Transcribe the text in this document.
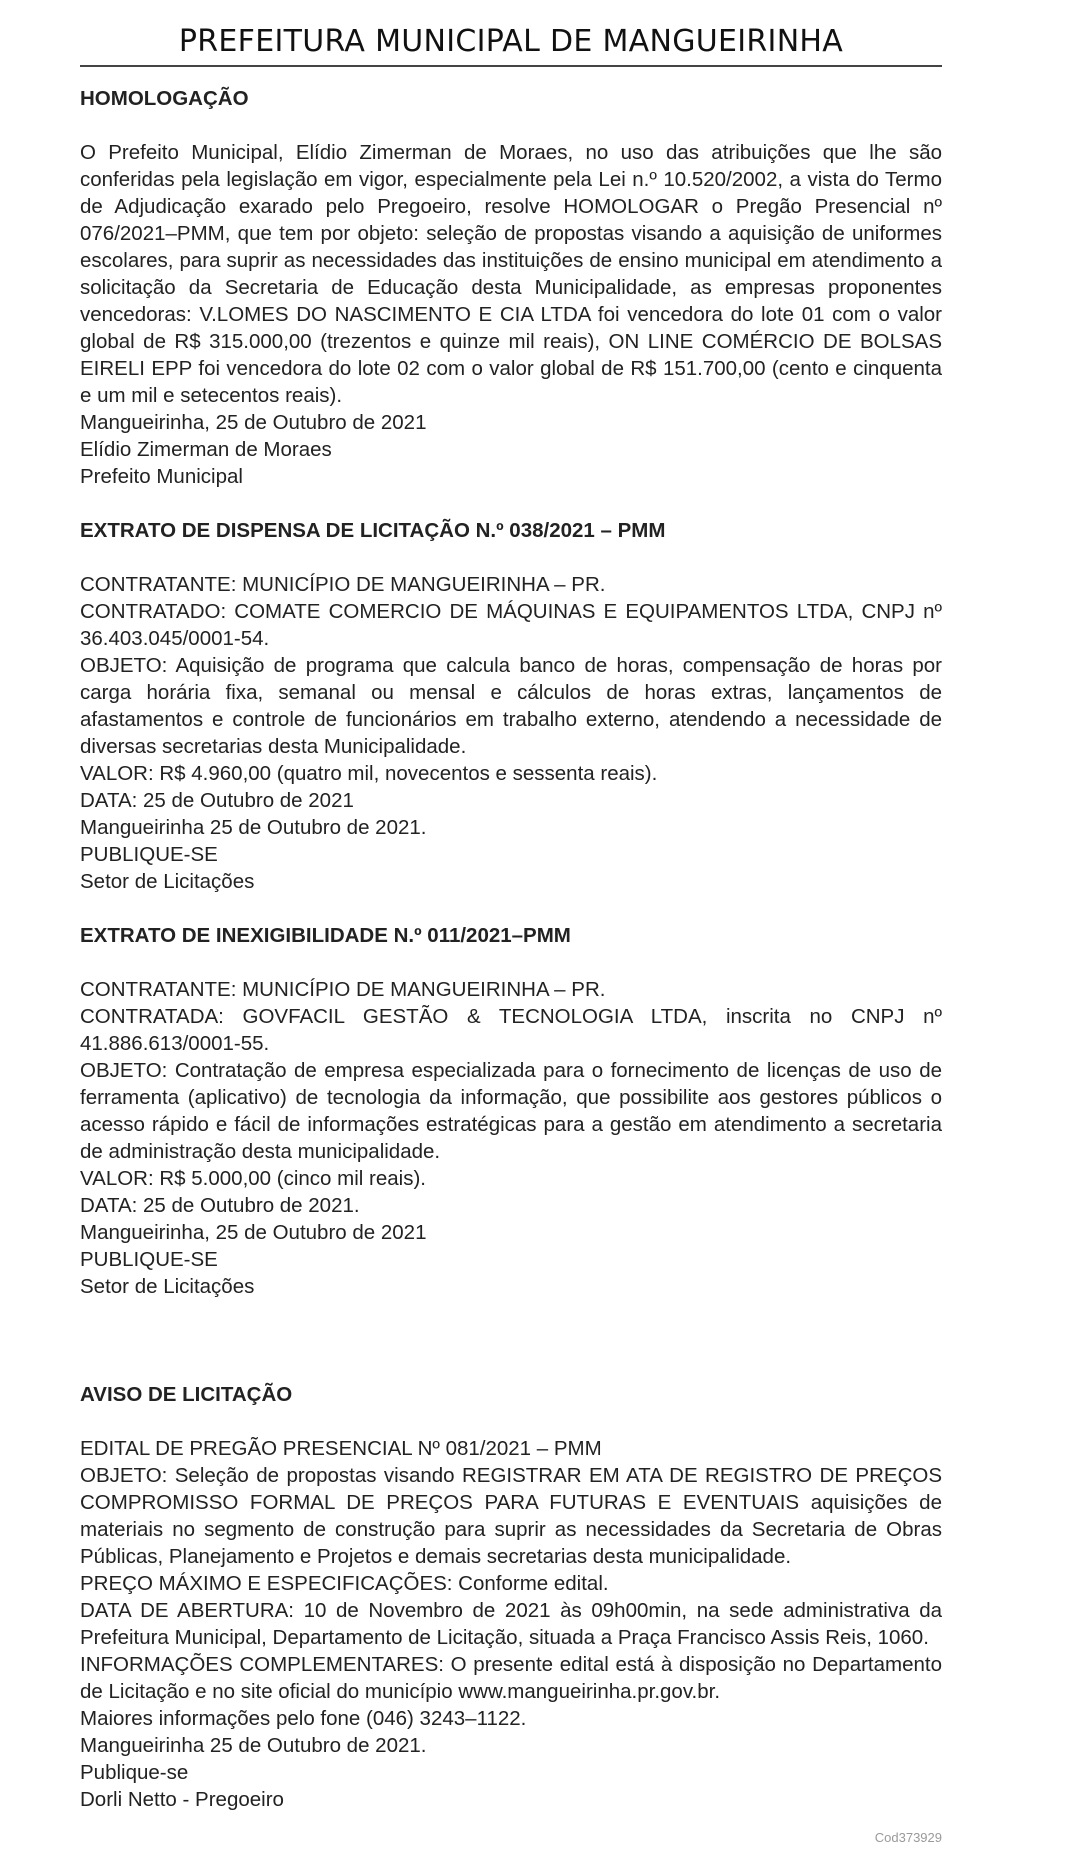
PREFEITURA MUNICIPAL DE MANGUEIRINHA

HOMOLOGAÇÃO

O Prefeito Municipal, Elídio Zimerman de Moraes, no uso das atribuições que lhe são conferidas pela legislação em vigor, especialmente pela Lei n.º 10.520/2002, a vista do Termo de Adjudicação exarado pelo Pregoeiro, resolve HOMOLOGAR o Pregão Presencial nº 076/2021–PMM, que tem por objeto: seleção de propostas visando a aquisição de uniformes escolares, para suprir as necessidades das instituições de ensino municipal em atendimento a solicitação da Secretaria de Educação desta Municipalidade, as empresas proponentes vencedoras: V.LOMES DO NASCIMENTO E CIA LTDA foi vencedora do lote 01 com o valor global de R$ 315.000,00 (trezentos e quinze mil reais), ON LINE COMÉRCIO DE BOLSAS EIRELI EPP foi vencedora do lote 02 com o valor global de R$ 151.700,00 (cento e cinquenta e um mil e setecentos reais).

Mangueirinha, 25 de Outubro de 2021

Elídio Zimerman de Moraes

Prefeito Municipal

EXTRATO DE DISPENSA DE LICITAÇÃO N.º 038/2021 – PMM

CONTRATANTE: MUNICÍPIO DE MANGUEIRINHA – PR.

CONTRATADO: COMATE COMERCIO DE MÁQUINAS E EQUIPAMENTOS LTDA, CNPJ nº 36.403.045/0001-54.

OBJETO: Aquisição de programa que calcula banco de horas, compensação de horas por carga horária fixa, semanal ou mensal e cálculos de horas extras, lançamentos de afastamentos e controle de funcionários em trabalho externo, atendendo a necessidade de diversas secretarias desta Municipalidade.

VALOR: R$ 4.960,00 (quatro mil, novecentos e sessenta reais).

DATA: 25 de Outubro de 2021

Mangueirinha 25 de Outubro de 2021.

PUBLIQUE-SE

Setor de Licitações

EXTRATO DE INEXIGIBILIDADE N.º 011/2021–PMM

CONTRATANTE: MUNICÍPIO DE MANGUEIRINHA – PR.

CONTRATADA: GOVFACIL GESTÃO & TECNOLOGIA LTDA, inscrita no CNPJ nº 41.886.613/0001-55.

OBJETO: Contratação de empresa especializada para o fornecimento de licenças de uso de ferramenta (aplicativo) de tecnologia da informação, que possibilite aos gestores públicos o acesso rápido e fácil de informações estratégicas para a gestão em atendimento a secretaria de administração desta municipalidade.

VALOR: R$ 5.000,00 (cinco mil reais).

DATA: 25 de Outubro de 2021.

Mangueirinha, 25 de Outubro de 2021

PUBLIQUE-SE

Setor de Licitações

AVISO DE LICITAÇÃO

EDITAL DE PREGÃO PRESENCIAL Nº 081/2021 – PMM

OBJETO: Seleção de propostas visando REGISTRAR EM ATA DE REGISTRO DE PREÇOS COMPROMISSO FORMAL DE PREÇOS PARA FUTURAS E EVENTUAIS aquisições de materiais no segmento de construção para suprir as necessidades da Secretaria de Obras Públicas, Planejamento e Projetos e demais secretarias desta municipalidade.

PREÇO MÁXIMO E ESPECIFICAÇÕES: Conforme edital.

DATA DE ABERTURA: 10 de Novembro de 2021 às 09h00min, na sede administrativa da Prefeitura Municipal, Departamento de Licitação, situada a Praça Francisco Assis Reis, 1060.

INFORMAÇÕES COMPLEMENTARES: O presente edital está à disposição no Departamento de Licitação e no site oficial do município www.mangueirinha.pr.gov.br.

Maiores informações pelo fone (046) 3243–1122.

Mangueirinha 25 de Outubro de 2021.

Publique-se

Dorli Netto - Pregoeiro

Cod373929
